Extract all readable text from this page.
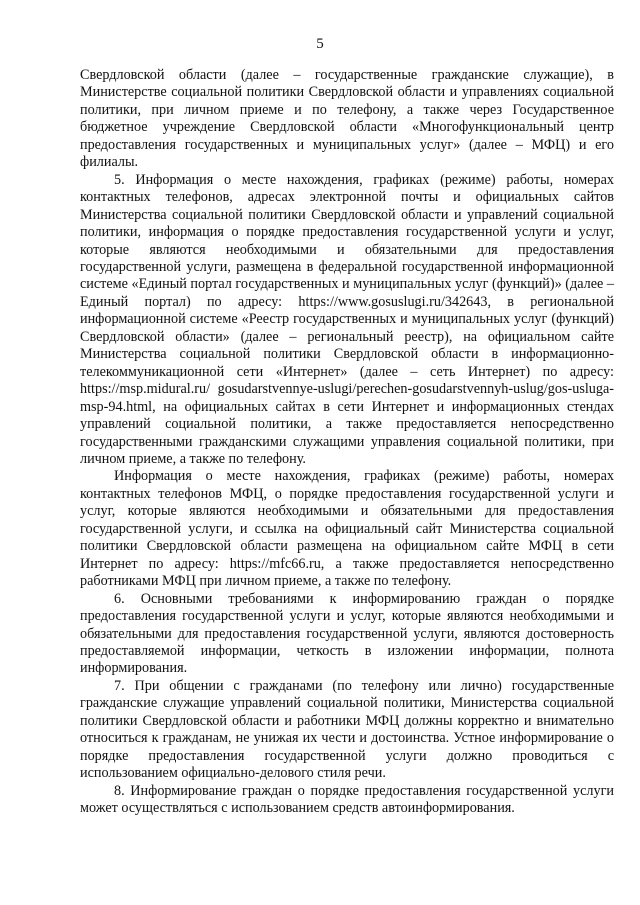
5

Свердловской области (далее – государственные гражданские служащие), в Министерстве социальной политики Свердловской области и управлениях социальной политики, при личном приеме и по телефону, а также через Государственное бюджетное учреждение Свердловской области «Многофункциональный центр предоставления государственных и муниципальных услуг» (далее – МФЦ) и его филиалы.

5. Информация о месте нахождения, графиках (режиме) работы, номерах контактных телефонов, адресах электронной почты и официальных сайтов Министерства социальной политики Свердловской области и управлений социальной политики, информация о порядке предоставления государственной услуги и услуг, которые являются необходимыми и обязательными для предоставления государственной услуги, размещена в федеральной государственной информационной системе «Единый портал государственных и муниципальных услуг (функций)» (далее – Единый портал) по адресу: https://www.gosuslugi.ru/342643, в региональной информационной системе «Реестр государственных и муниципальных услуг (функций) Свердловской области» (далее – региональный реестр), на официальном сайте Министерства социальной политики Свердловской области в информационно-телекоммуникационной сети «Интернет» (далее – сеть Интернет) по адресу: https://msp.midural.ru/ gosudarstvennye-uslugi/perechen-gosudarstvennyh-uslug/gos-usluga-msp-94.html, на официальных сайтах в сети Интернет и информационных стендах управлений социальной политики, а также предоставляется непосредственно государственными гражданскими служащими управления социальной политики, при личном приеме, а также по телефону.

Информация о месте нахождения, графиках (режиме) работы, номерах контактных телефонов МФЦ, о порядке предоставления государственной услуги и услуг, которые являются необходимыми и обязательными для предоставления государственной услуги, и ссылка на официальный сайт Министерства социальной политики Свердловской области размещена на официальном сайте МФЦ в сети Интернет по адресу: https://mfc66.ru, а также предоставляется непосредственно работниками МФЦ при личном приеме, а также по телефону.

6. Основными требованиями к информированию граждан о порядке предоставления государственной услуги и услуг, которые являются необходимыми и обязательными для предоставления государственной услуги, являются достоверность предоставляемой информации, четкость в изложении информации, полнота информирования.

7. При общении с гражданами (по телефону или лично) государственные гражданские служащие управлений социальной политики, Министерства социальной политики Свердловской области и работники МФЦ должны корректно и внимательно относиться к гражданам, не унижая их чести и достоинства. Устное информирование о порядке предоставления государственной услуги должно проводиться с использованием официально-делового стиля речи.

8. Информирование граждан о порядке предоставления государственной услуги может осуществляться с использованием средств автоинформирования.
